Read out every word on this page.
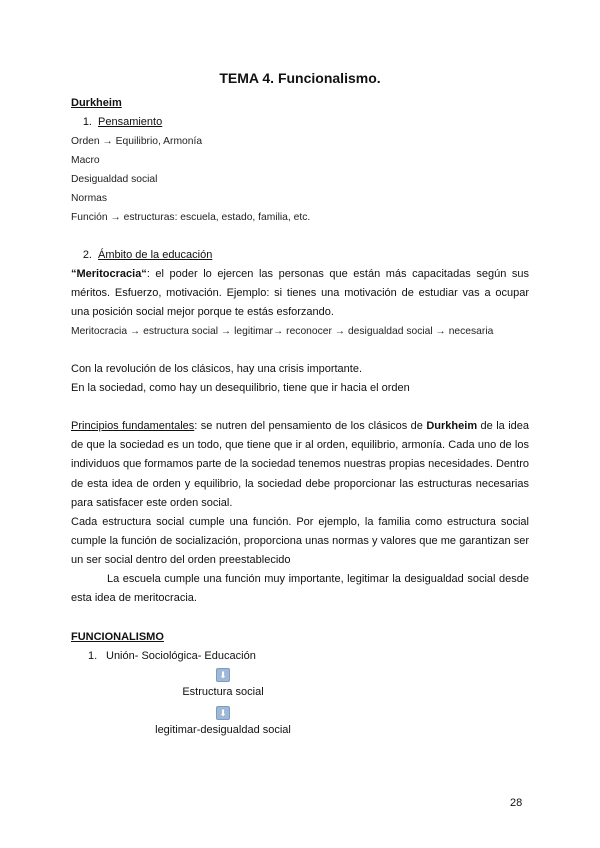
TEMA 4. Funcionalismo.
Durkheim
1. Pensamiento
Orden → Equilibrio, Armonía
Macro
Desigualdad social
Normas
Función → estructuras: escuela, estado, familia, etc.
2. Ámbito de la educación
“Meritocracia“: el poder lo ejercen las personas que están más capacitadas según sus méritos. Esfuerzo, motivación. Ejemplo: si tienes una motivación de estudiar vas a ocupar una posición social mejor porque te estás esforzando.
Meritocracia → estructura social → legitimar→ reconocer → desigualdad social → necesaria
Con la revolución de los clásicos, hay una crisis importante.
En la sociedad, como hay un desequilibrio, tiene que ir hacia el orden
Principios fundamentales: se nutren del pensamiento de los clásicos de Durkheim de la idea de que la sociedad es un todo, que tiene que ir al orden, equilibrio, armonía. Cada uno de los individuos que formamos parte de la sociedad tenemos nuestras propias necesidades. Dentro de esta idea de orden y equilibrio, la sociedad debe proporcionar las estructuras necesarias para satisfacer este orden social.
Cada estructura social cumple una función. Por ejemplo, la familia como estructura social cumple la función de socialización, proporciona unas normas y valores que me garantizan ser un ser social dentro del orden preestablecido
La escuela cumple una función muy importante, legitimar la desigualdad social desde esta idea de meritocracia.
FUNCIONALISMO
1. Unión- Sociológica- Educación
⬇
Estructura social
⬇
legitimar-desigualdad social
28
